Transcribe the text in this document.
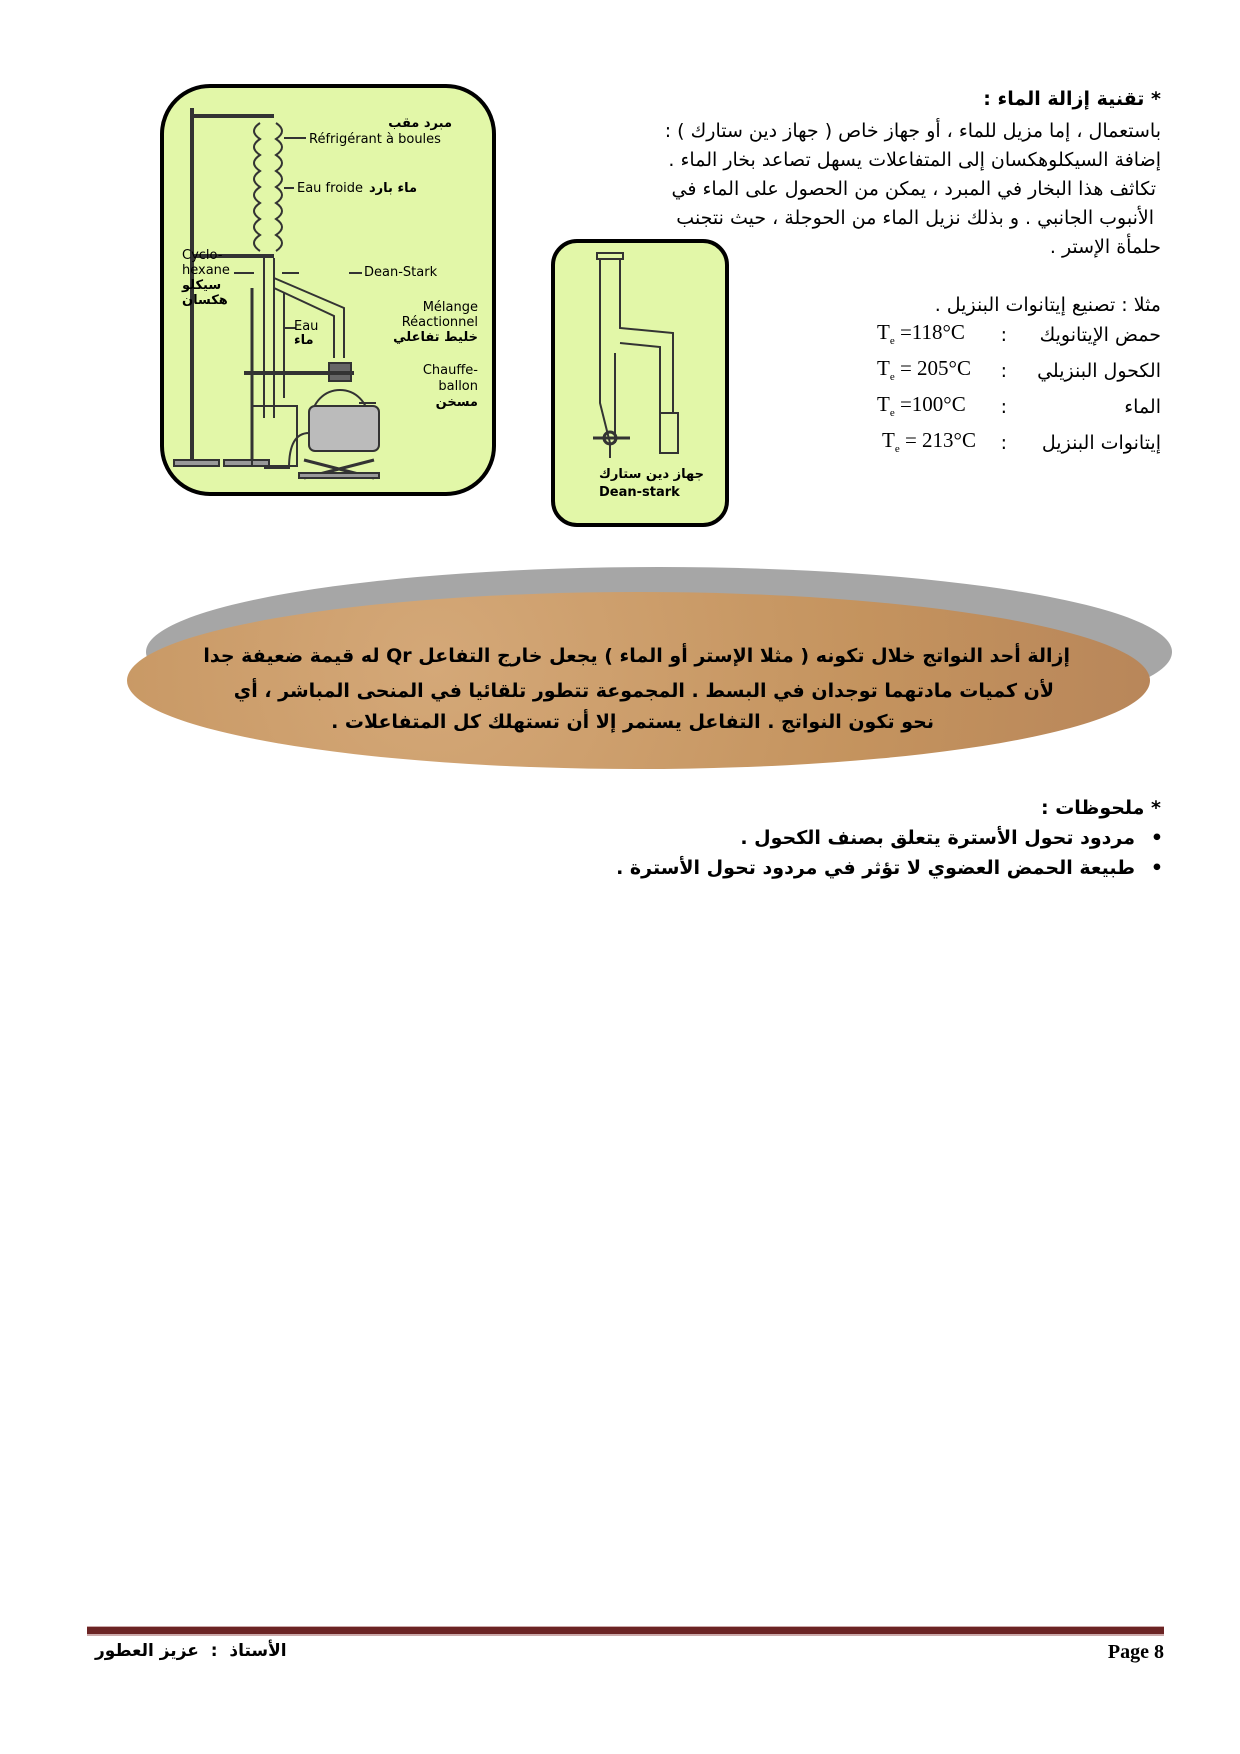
* تقنية إزالة الماء :
باستعمال ، إما مزيل للماء ، أو جهاز خاص ( جهاز دين ستارك ) :
إضافة السيكلوهكسان إلى المتفاعلات يسهل تصاعد بخار الماء .
تكاثف هذا البخار في المبرد ، يمكن من الحصول على الماء في
الأنبوب الجانبي . و بذلك نزيل الماء من الحوجلة ، حيث نتجنب
حلمأة الإستر .
مثلا : تصنيع إيتانوات البنزيل .
حمض الإيتانويك
:
$T_e =118^\circ C$
الكحول البنزيلي
:
$T_e = 205^\circ C$
الماء
:
$T_e =100^\circ C$
إيتانوات البنزيل
:
$T_e = 213^\circ C$
مبرد مقب
Réfrigérant à boules
Eau froide ماء بارد
Cyclo-
hexane
سيكلو
هكسان
Dean-Stark
Eau
ماء
Mélange
Réactionnel
خليط تفاعلي
Chauffe-
ballon
مسخن
جهاز دين ستارك
Dean-stark
إزالة أحد النواتج خلال تكونه ( مثلا الإستر أو الماء ) يجعل خارج التفاعل Qr له قيمة ضعيفة جدا
لأن كميات مادتهما توجدان في البسط . المجموعة تتطور تلقائيا في المنحى المباشر ، أي
نحو تكون النواتج . التفاعل يستمر إلا أن تستهلك كل المتفاعلات .
* ملحوظات :
مردود تحول الأسترة يتعلق بصنف الكحول . •
طبيعة الحمض العضوي لا تؤثر في مردود تحول الأسترة . •
Page 8
الأستاذ  :  عزيز العطور
